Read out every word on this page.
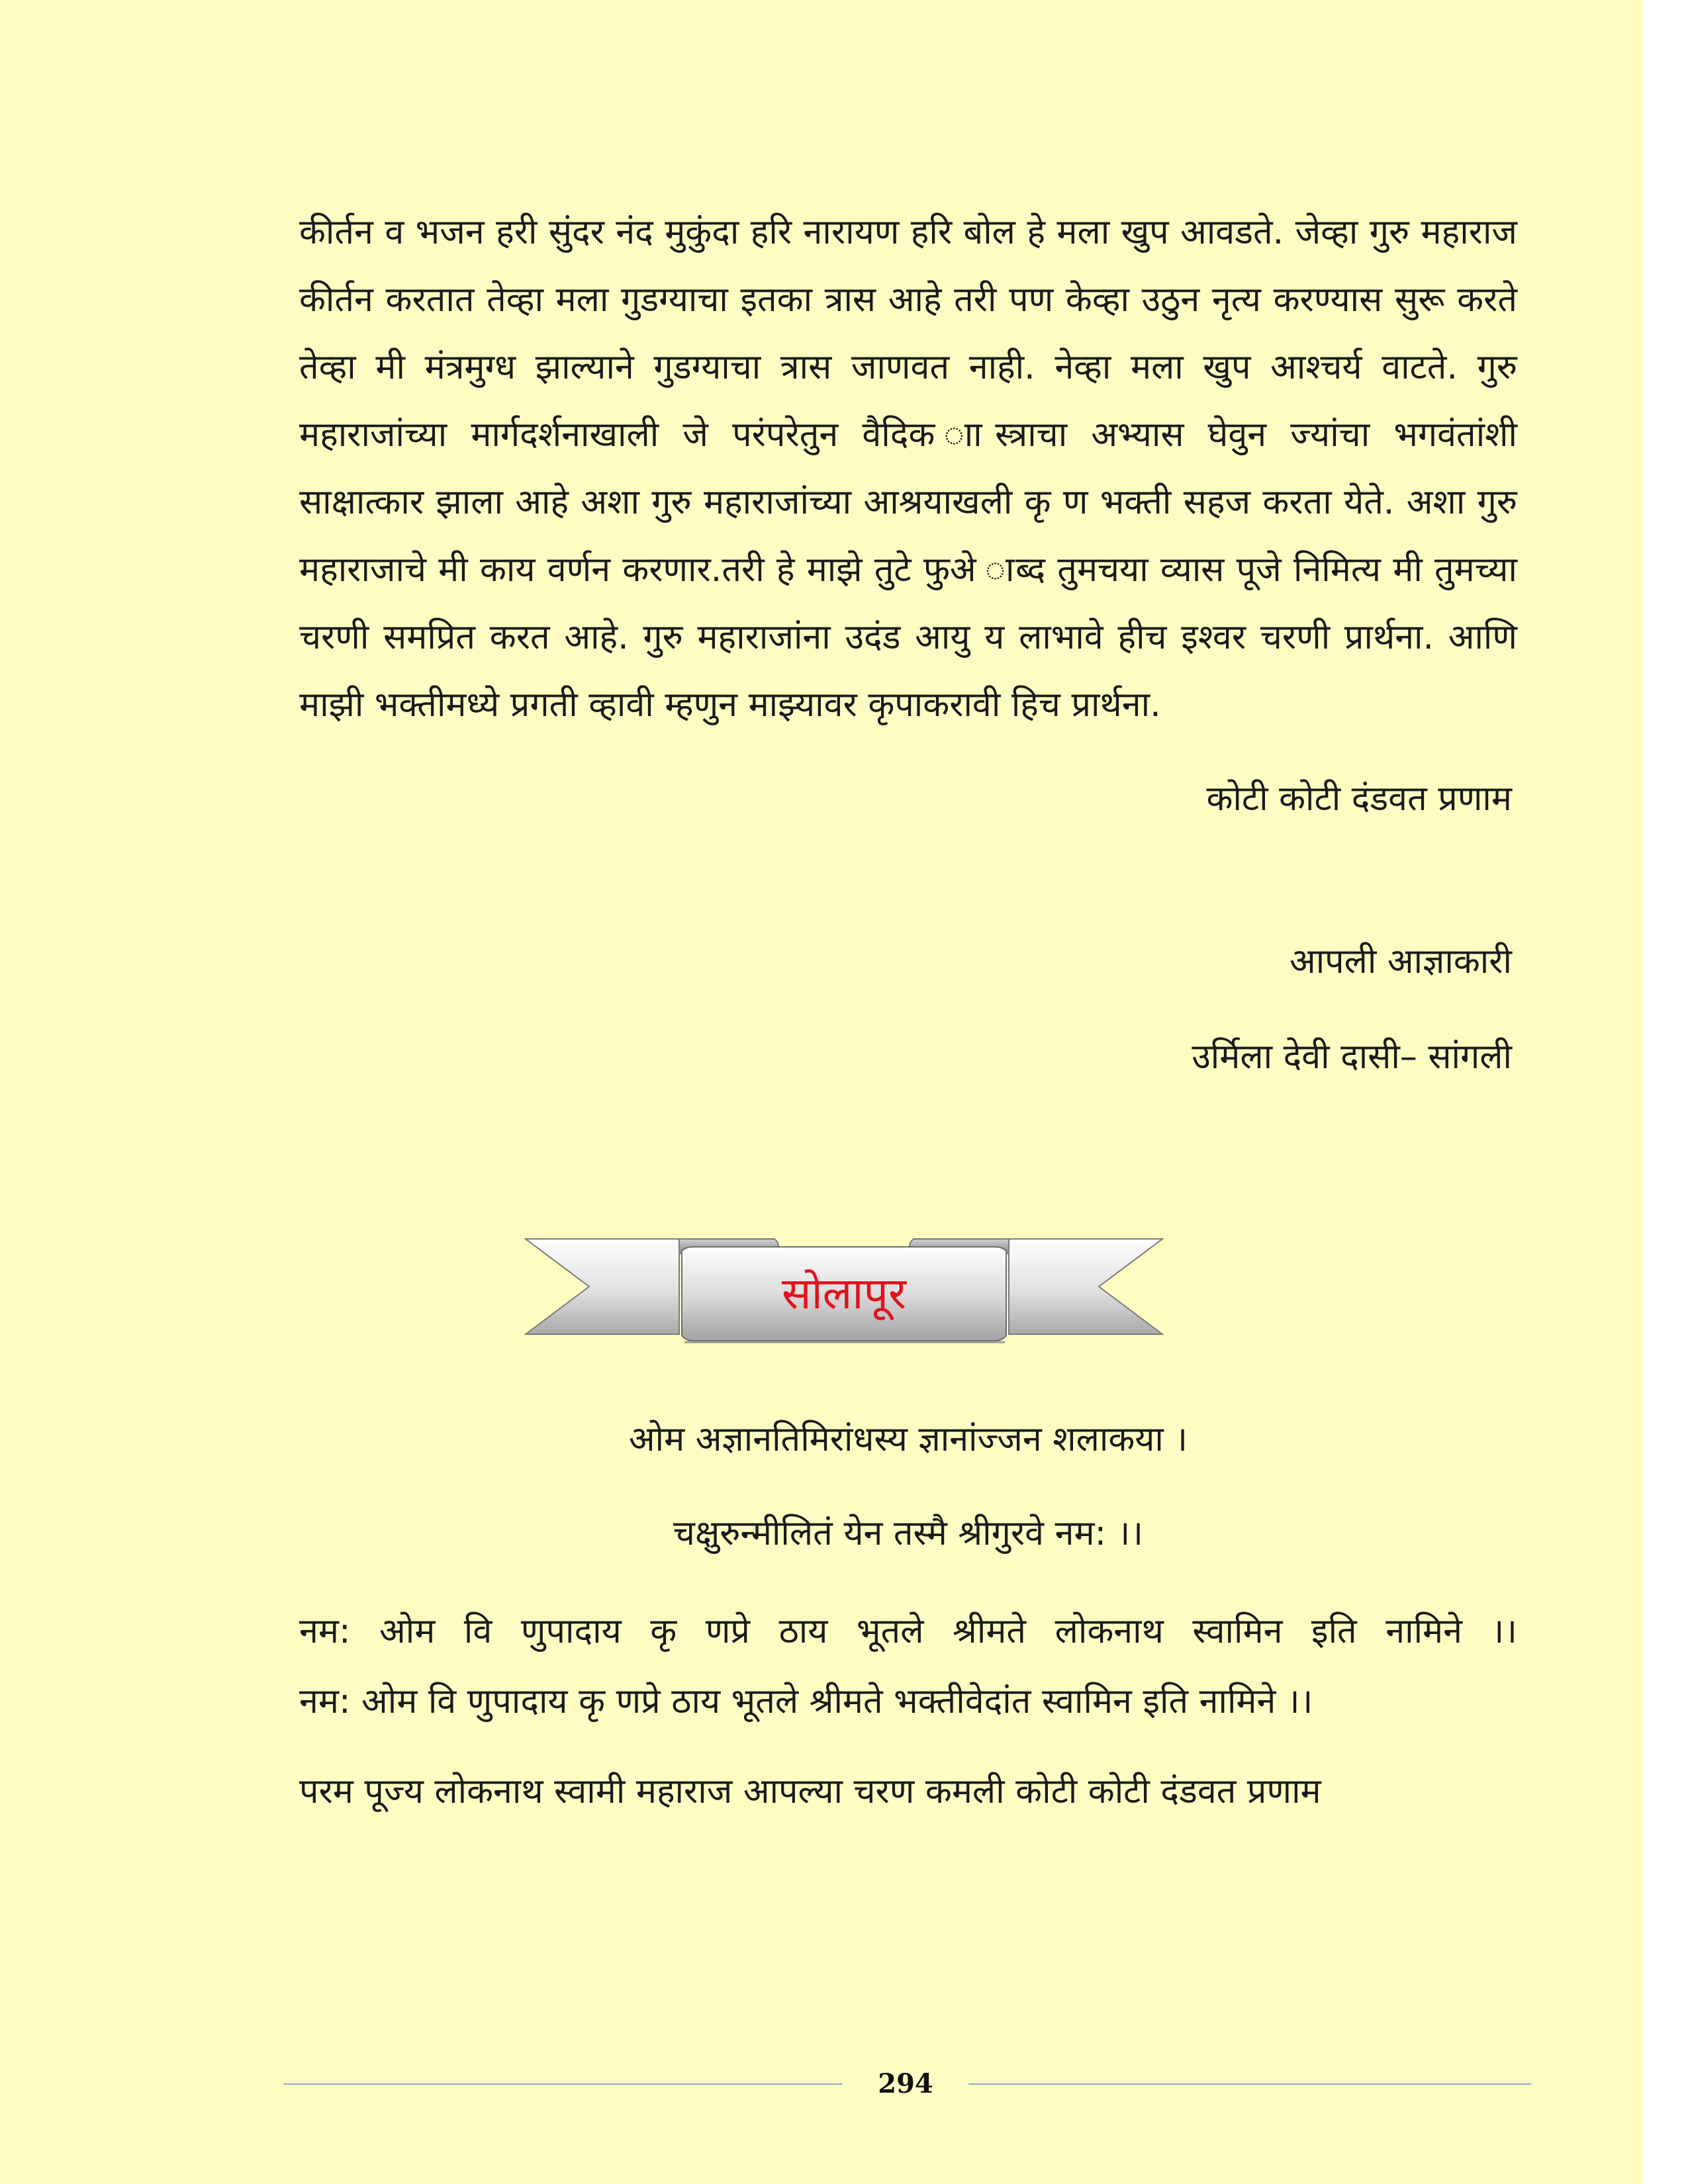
कीर्तन व भजन हरी सुंदर नंद मुकुंदा हरि नारायण हरि बोल हे मला खुप आवडते. जेव्हा गुरु महाराज कीर्तन करतात तेव्हा मला गुडग्याचा इतका त्रास आहे तरी पण केव्हा उठुन नृत्य करण्यास सुरू करते तेव्हा मी मंत्रमुग्ध झाल्याने गुडग्याचा त्रास जाणवत नाही. नेव्हा मला खुप आश्चर्य वाटते. गुरु महाराजांच्या मार्गदर्शनाखाली जे परंपरेतुन वैदिक ाास्त्राचा अभ्यास घेवुन ज्यांचा भगवंतांशी साक्षात्कार झाला आहे अशा गुरु महाराजांच्या आश्रयाखली कृ ण भक्ती सहज करता येते. अशा गुरु महाराजाचे मी काय वर्णन करणार.तरी हे माझे तुटे फुअे ाब्द तुमचया व्यास पूजे निमित्य मी तुमच्या चरणी समप्रित करत आहे. गुरु महाराजांना उदंड आयु य लाभावे हीच इश्वर चरणी प्रार्थना. आणि माझी भक्तीमध्ये प्रगती व्हावी म्हणुन माझ्यावर कृपाकरावी हिच प्रार्थना.

कोटी कोटी दंडवत प्रणाम

आपली आज्ञाकारी

उर्मिला देवी दासी– सांगली

सोलापूर

ओम अज्ञानतिमिरांधस्य ज्ञानांज्जन शलाकया ।

चक्षुरुन्मीलितं येन तस्मै श्रीगुरवे नम: ।।

नम: ओम वि णुपादाय कृ णप्रे ठाय भूतले श्रीमते लोकनाथ स्वामिन इति नामिने ।।

नम: ओम वि णुपादाय कृ णप्रे ठाय भूतले श्रीमते भक्तीवेदांत स्वामिन इति नामिने ।।

परम पूज्य लोकनाथ स्वामी महाराज आपल्या चरण कमली कोटी कोटी दंडवत प्रणाम

294
